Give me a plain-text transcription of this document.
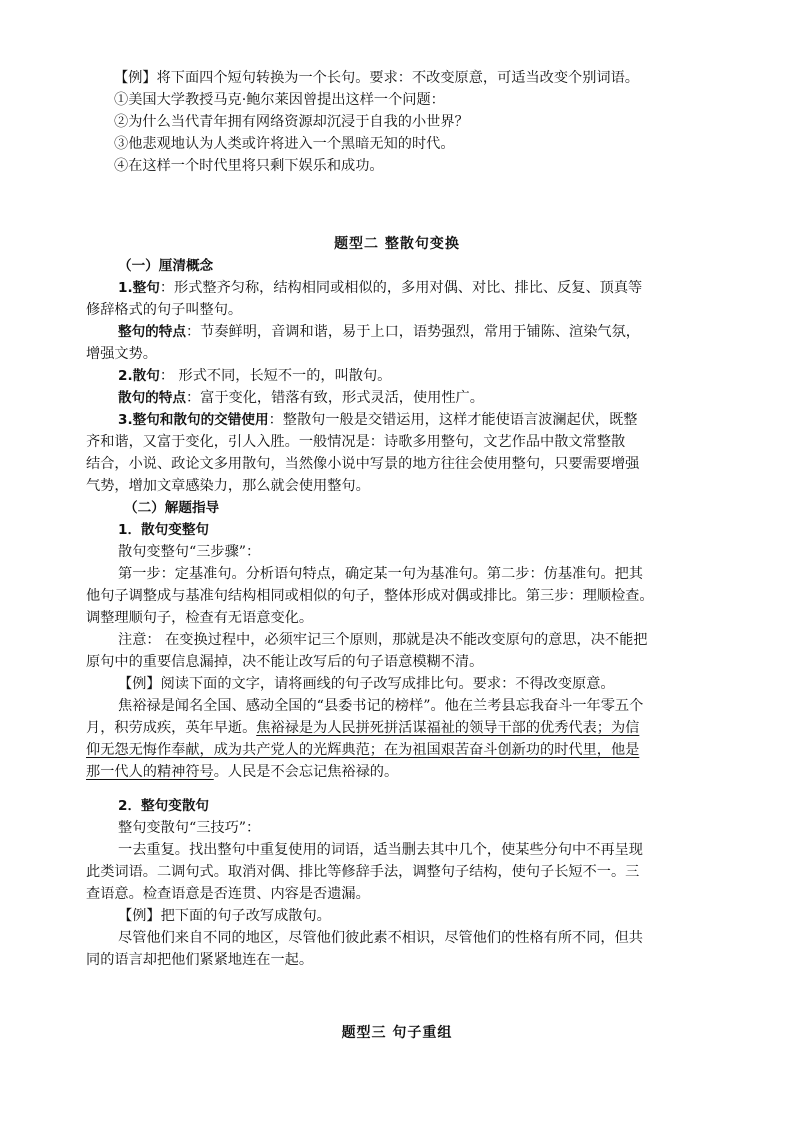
【例】将下面四个短句转换为一个长句。要求：不改变原意，可适当改变个别词语。
①美国大学教授马克·鲍尔莱因曾提出这样一个问题：
②为什么当代青年拥有网络资源却沉浸于自我的小世界？
③他悲观地认为人类或许将进入一个黑暗无知的时代。
④在这样一个时代里将只剩下娱乐和成功。
题型二 整散句变换
（一）厘清概念
1.整句：形式整齐匀称，结构相同或相似的，多用对偶、对比、排比、反复、顶真等
修辞格式的句子叫整句。
整句的特点：节奏鲜明，音调和谐，易于上口，语势强烈，常用于铺陈、渲染气氛，
增强文势。
2.散句： 形式不同，长短不一的，叫散句。
散句的特点：富于变化，错落有致，形式灵活，使用性广。
3.整句和散句的交错使用：整散句一般是交错运用，这样才能使语言波澜起伏，既整
齐和谐，又富于变化，引人入胜。一般情况是：诗歌多用整句，文艺作品中散文常整散
结合，小说、政论文多用散句，当然像小说中写景的地方往往会使用整句，只要需要增强
气势，增加文章感染力，那么就会使用整句。
（二）解题指导
1．散句变整句
散句变整句“三步骤”：
第一步：定基准句。分析语句特点，确定某一句为基准句。第二步：仿基准句。把其
他句子调整成与基准句结构相同或相似的句子，整体形成对偶或排比。第三步：理顺检查。
调整理顺句子，检查有无语意变化。
注意： 在变换过程中，必须牢记三个原则，那就是决不能改变原句的意思，决不能把
原句中的重要信息漏掉，决不能让改写后的句子语意模糊不清。
【例】阅读下面的文字，请将画线的句子改写成排比句。要求：不得改变原意。
焦裕禄是闻名全国、感动全国的“县委书记的榜样”。他在兰考县忘我奋斗一年零五个
月，积劳成疾，英年早逝。焦裕禄是为人民拼死拼活谋福祉的领导干部的优秀代表；为信
仰无怨无悔作奉献，成为共产党人的光辉典范；在为祖国艰苦奋斗创新功的时代里，他是
那一代人的精神符号。人民是不会忘记焦裕禄的。
2．整句变散句
整句变散句“三技巧”：
一去重复。找出整句中重复使用的词语，适当删去其中几个，使某些分句中不再呈现
此类词语。二调句式。取消对偶、排比等修辞手法，调整句子结构，使句子长短不一。三
查语意。检查语意是否连贯、内容是否遗漏。
【例】把下面的句子改写成散句。
尽管他们来自不同的地区，尽管他们彼此素不相识，尽管他们的性格有所不同，但共
同的语言却把他们紧紧地连在一起。
题型三 句子重组
